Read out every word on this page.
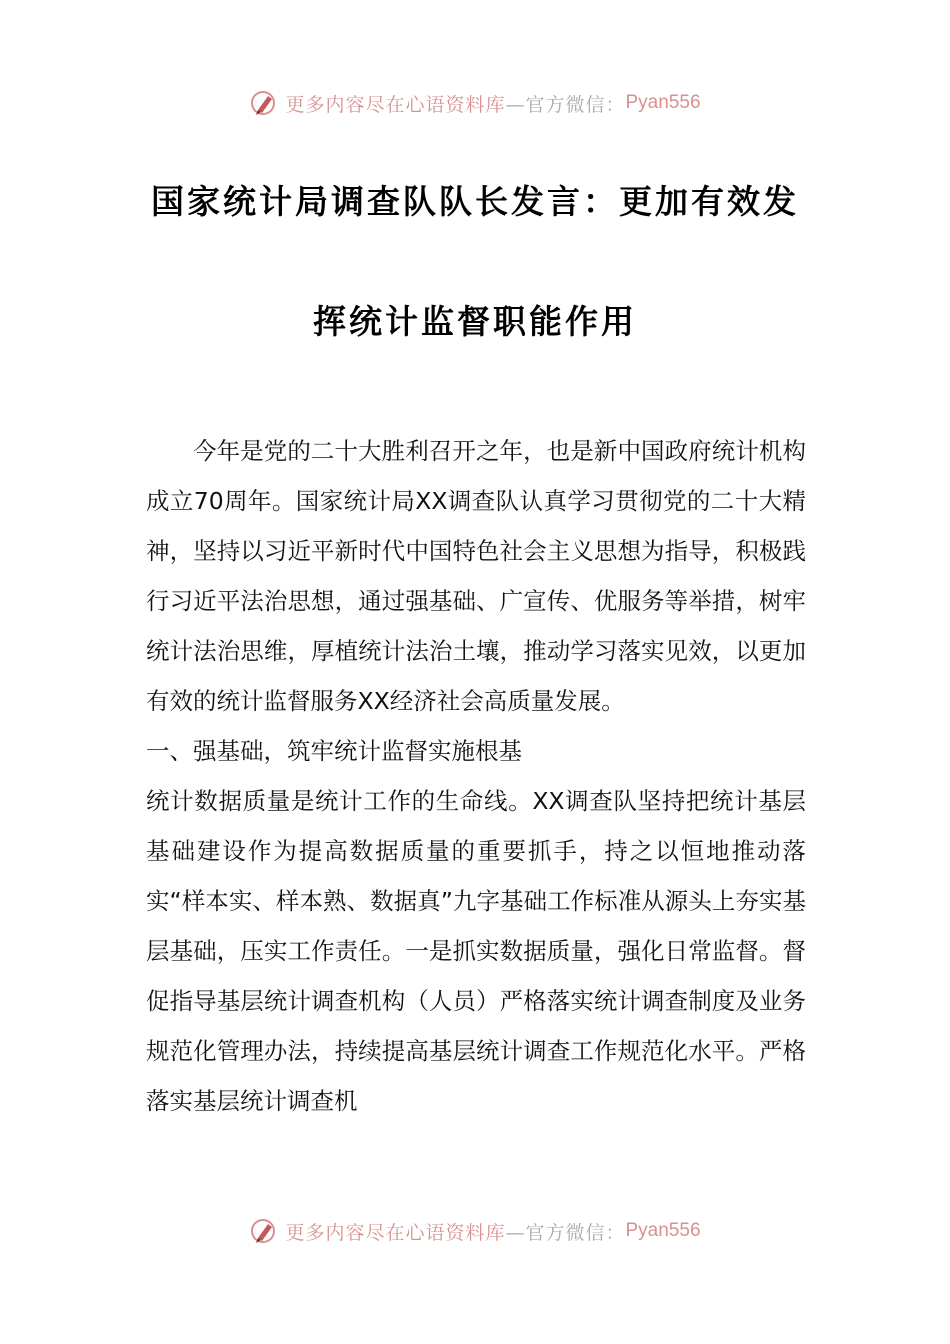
更多内容尽在心语资料库 —官方微信： Pyan556
国家统计局调查队队长发言：更加有效发
挥统计监督职能作用

今年是党的二十大胜利召开之年，也是新中国政府统计机构成立70周年。国家统计局XX调查队认真学习贯彻党的二十大精神，坚持以习近平新时代中国特色社会主义思想为指导，积极践行习近平法治思想，通过强基础、广宣传、优服务等举措，树牢统计法治思维，厚植统计法治土壤，推动学习落实见效，以更加有效的统计监督服务XX经济社会高质量发展。

一、强基础，筑牢统计监督实施根基

统计数据质量是统计工作的生命线。XX调查队坚持把统计基层基础建设作为提高数据质量的重要抓手，持之以恒地推动落实“样本实、样本熟、数据真”九字基础工作标准从源头上夯实基层基础，压实工作责任。一是抓实数据质量，强化日常监督。督促指导基层统计调查机构（人员）严格落实统计调查制度及业务规范化管理办法，持续提高基层统计调查工作规范化水平。严格落实基层统计调查机

更多内容尽在心语资料库 —官方微信： Pyan556
